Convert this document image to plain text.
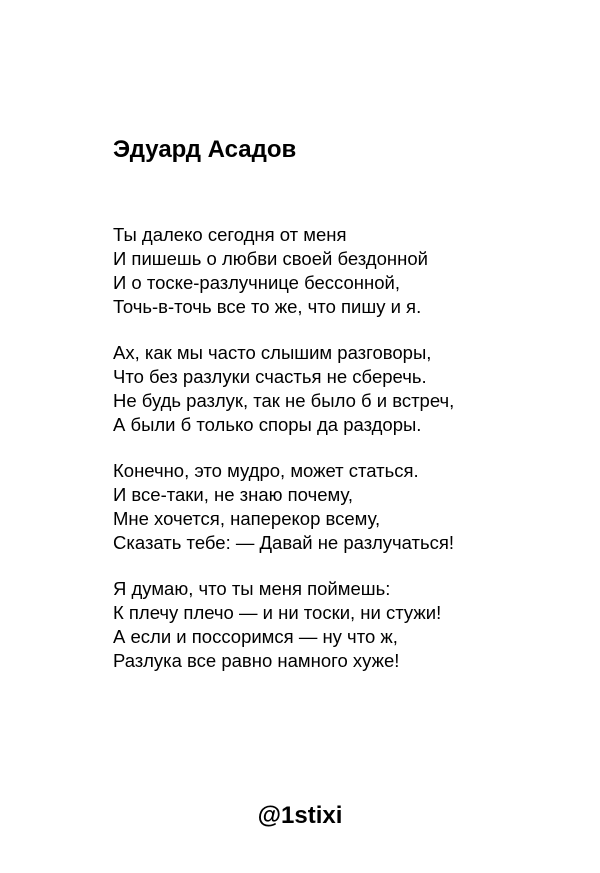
Эдуард Асадов
Ты далеко сегодня от меня
И пишешь о любви своей бездонной
И о тоске-разлучнице бессонной,
Точь-в-точь все то же, что пишу и я.
Ах, как мы часто слышим разговоры,
Что без разлуки счастья не сберечь.
Не будь разлук, так не было б и встреч,
А были б только споры да раздоры.
Конечно, это мудро, может статься.
И все-таки, не знаю почему,
Мне хочется, наперекор всему,
Сказать тебе: — Давай не разлучаться!
Я думаю, что ты меня поймешь:
К плечу плечо — и ни тоски, ни стужи!
А если и поссоримся — ну что ж,
Разлука все равно намного хуже!
@1stixi
